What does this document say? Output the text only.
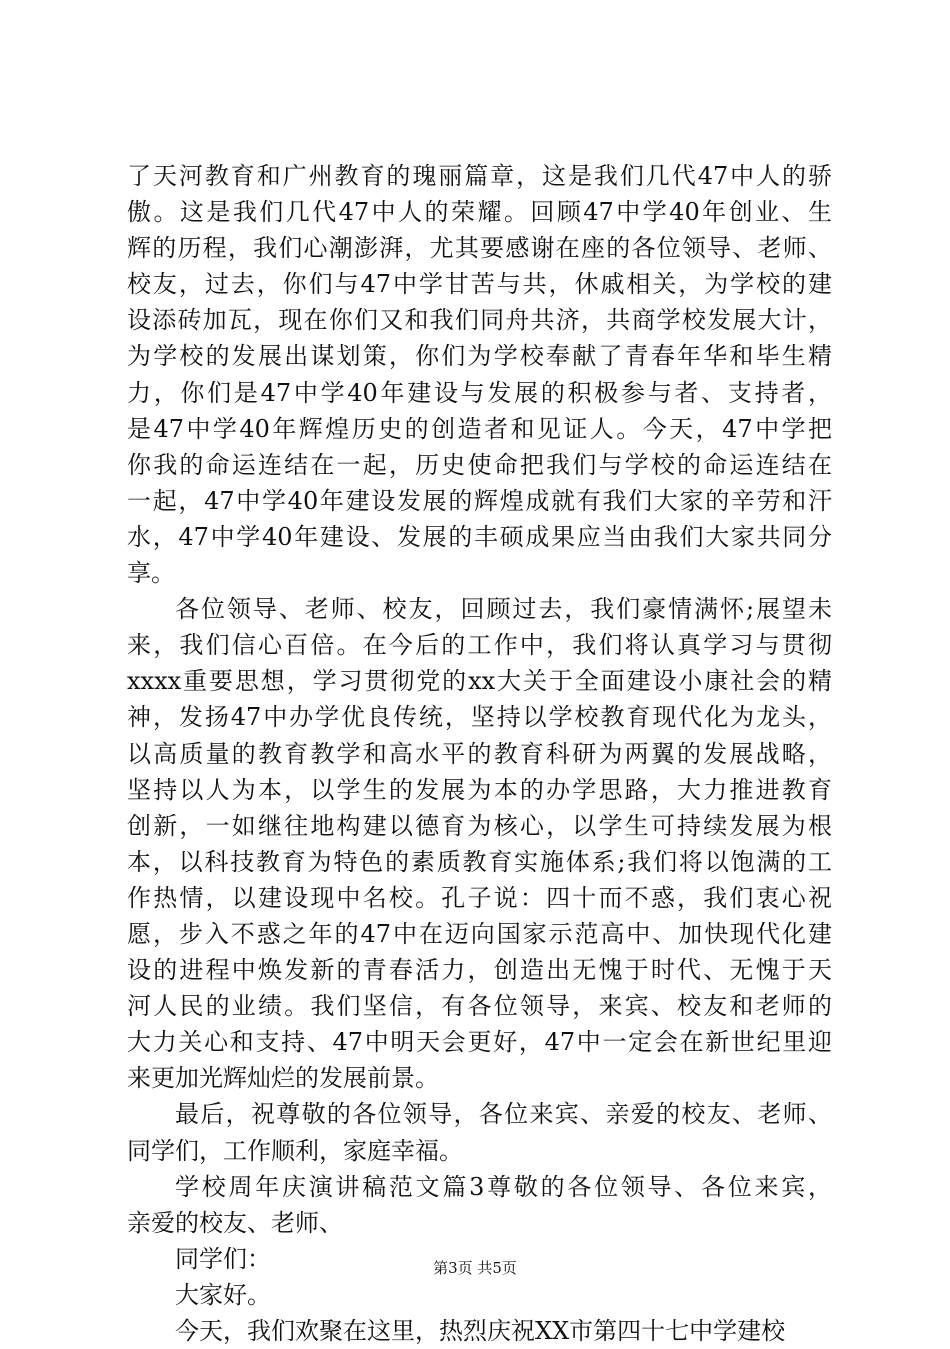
了天河教育和广州教育的瑰丽篇章，这是我们几代47中人的骄
傲。这是我们几代47中人的荣耀。回顾47中学40年创业、生
辉的历程，我们心潮澎湃，尤其要感谢在座的各位领导、老师、
校友，过去，你们与47中学甘苦与共，休戚相关，为学校的建
设添砖加瓦，现在你们又和我们同舟共济，共商学校发展大计，
为学校的发展出谋划策，你们为学校奉献了青春年华和毕生精
力，你们是47中学40年建设与发展的积极参与者、支持者，
是47中学40年辉煌历史的创造者和见证人。今天，47中学把
你我的命运连结在一起，历史使命把我们与学校的命运连结在
一起，47中学40年建设发展的辉煌成就有我们大家的辛劳和汗
水，47中学40年建设、发展的丰硕成果应当由我们大家共同分
享。
各位领导、老师、校友，回顾过去，我们豪情满怀;展望未
来，我们信心百倍。在今后的工作中，我们将认真学习与贯彻
xxxx重要思想，学习贯彻党的xx大关于全面建设小康社会的精
神，发扬47中办学优良传统，坚持以学校教育现代化为龙头，
以高质量的教育教学和高水平的教育科研为两翼的发展战略，
坚持以人为本，以学生的发展为本的办学思路，大力推进教育
创新，一如继往地构建以德育为核心，以学生可持续发展为根
本，以科技教育为特色的素质教育实施体系;我们将以饱满的工
作热情，以建设现中名校。孔子说：四十而不惑，我们衷心祝
愿，步入不惑之年的47中在迈向国家示范高中、加快现代化建
设的进程中焕发新的青春活力，创造出无愧于时代、无愧于天
河人民的业绩。我们坚信，有各位领导，来宾、校友和老师的
大力关心和支持、47中明天会更好，47中一定会在新世纪里迎
来更加光辉灿烂的发展前景。
最后，祝尊敬的各位领导，各位来宾、亲爱的校友、老师、
同学们，工作顺利，家庭幸福。
学校周年庆演讲稿范文篇3尊敬的各位领导、各位来宾，
亲爱的校友、老师、
同学们：
大家好。
今天，我们欢聚在这里，热烈庆祝XX市第四十七中学建校
第3页 共5页
